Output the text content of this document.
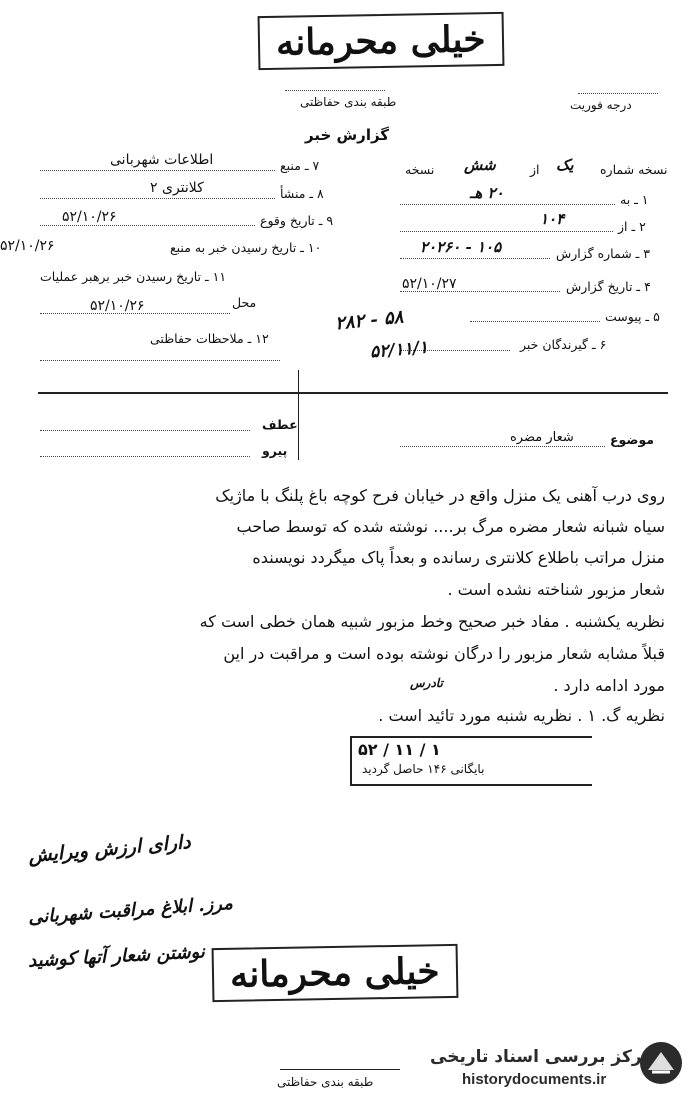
خیلی محرمانه
طبقه بندی حفاظتی	درجه فوریت
گزارش خبر
نسخه شماره
یک
از
شش
نسخه
۱ ـ به
۲۰ هـ
۲ ـ از
۱۰۴
۳ ـ شماره گزارش
۲۰۲۶۰ - ۱۰۵
۴ ـ تاریخ گزارش
۵۲/۱۰/۲۷
۵ ـ پیوست
۶ ـ گیرندگان خبر
۲۸۲ - ۵۸
۵۲/۱۱/۱
۷ ـ منبع
اطلاعات شهربانی
۸ ـ منشأ
کلانتری ۲
۹ ـ تاریخ وقوع
۵۲/۱۰/۲۶
۱۰ ـ تاریخ رسیدن خبر به منبع
۵۲/۱۰/۲۶
۱۱ ـ تاریخ رسیدن خبر برهبر عملیات
محل
۵۲/۱۰/۲۶
۱۲ ـ ملاحظات حفاظتی
عطف
پیرو
موضوع
شعار مضره
روی درب آهنی یک منزل واقع در خیابان فرح کوچه باغ پلنگ با ماژیک
سیاه شبانه شعار مضره مرگ بر.... نوشته شده که توسط صاحب
منزل مراتب باطلاع کلانتری رسانده و بعداً پاک میگردد نویسنده
شعار مزبور شناخته نشده است .
نظریه یکشنبه . مفاد خبر صحیح وخط مزبور شبیه همان خطی است که
قبلاً مشابه شعار مزبور را درگان نوشته بوده است و مراقبت در این
مورد ادامه دارد .
تادرس
نظریه گ. ۱ . نظریه شنبه مورد تائید است .
۵۲ / ۱۱ / ۱
بایگانی ۱۴۶ حاصل گردید
دارای ارزش ویرایش
مرز. ابلاغ‌ مراقبت شهربانی
نوشتن شعار آتها کوشید خیلی محرمانه
طبقه بندی حفاظتی
مرکز بررسی اسناد تاریخی
historydocuments.ir
